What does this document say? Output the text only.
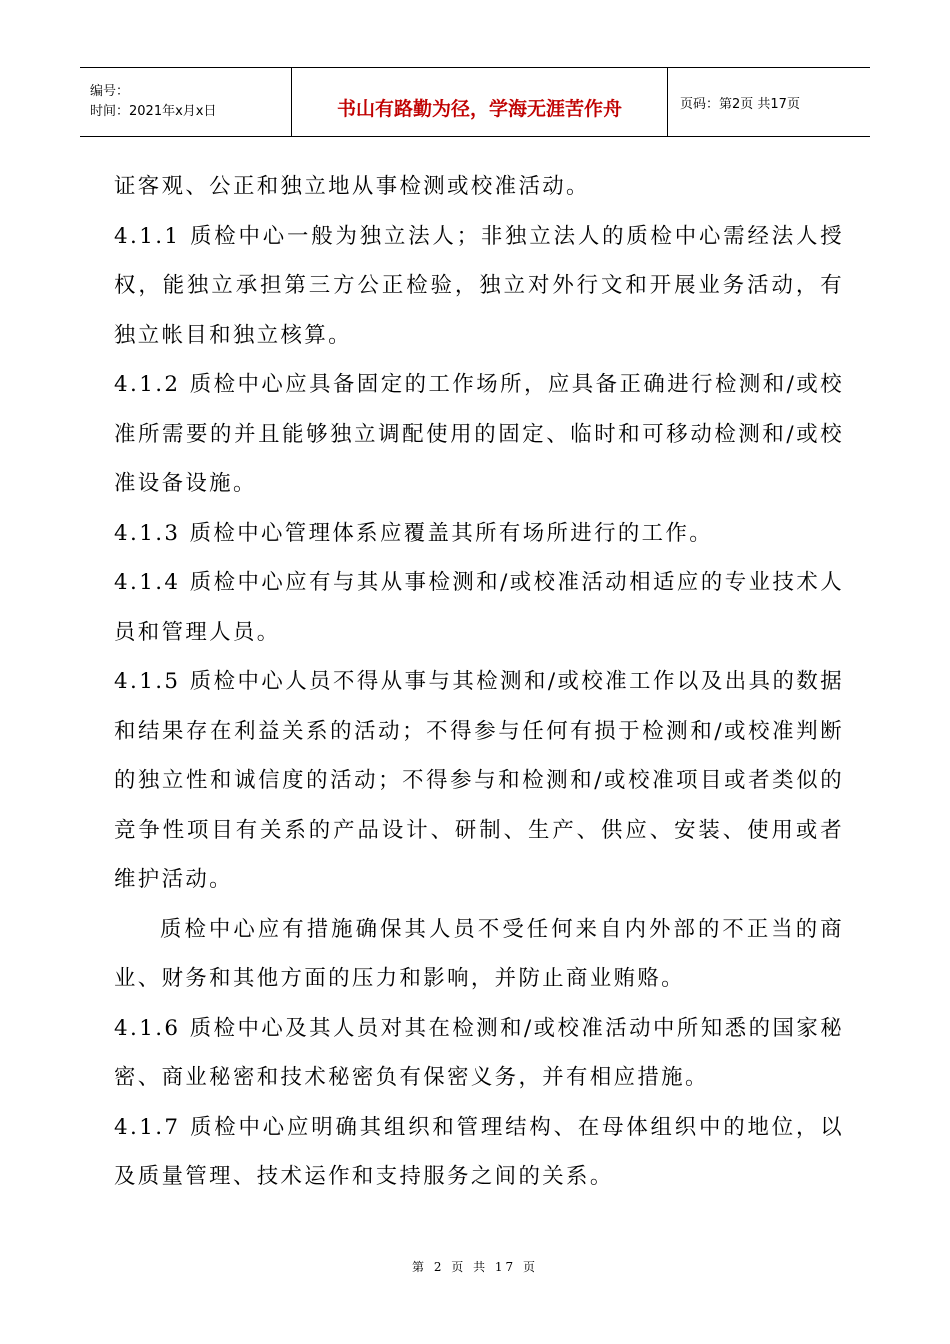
编号：
时间：2021年x月x日	书山有路勤为径，学海无涯苦作舟	页码：第2页 共17页

证客观、公正和独立地从事检测或校准活动。

4.1.1 质检中心一般为独立法人；非独立法人的质检中心需经法人授权，能独立承担第三方公正检验，独立对外行文和开展业务活动，有独立帐目和独立核算。

4.1.2 质检中心应具备固定的工作场所，应具备正确进行检测和/或校准所需要的并且能够独立调配使用的固定、临时和可移动检测和/或校准设备设施。

4.1.3 质检中心管理体系应覆盖其所有场所进行的工作。

4.1.4 质检中心应有与其从事检测和/或校准活动相适应的专业技术人员和管理人员。

4.1.5 质检中心人员不得从事与其检测和/或校准工作以及出具的数据和结果存在利益关系的活动；不得参与任何有损于检测和/或校准判断的独立性和诚信度的活动；不得参与和检测和/或校准项目或者类似的竞争性项目有关系的产品设计、研制、生产、供应、安装、使用或者维护活动。

质检中心应有措施确保其人员不受任何来自内外部的不正当的商业、财务和其他方面的压力和影响，并防止商业贿赂。

4.1.6 质检中心及其人员对其在检测和/或校准活动中所知悉的国家秘密、商业秘密和技术秘密负有保密义务，并有相应措施。

4.1.7 质检中心应明确其组织和管理结构、在母体组织中的地位，以及质量管理、技术运作和支持服务之间的关系。

第 2 页 共 17 页
